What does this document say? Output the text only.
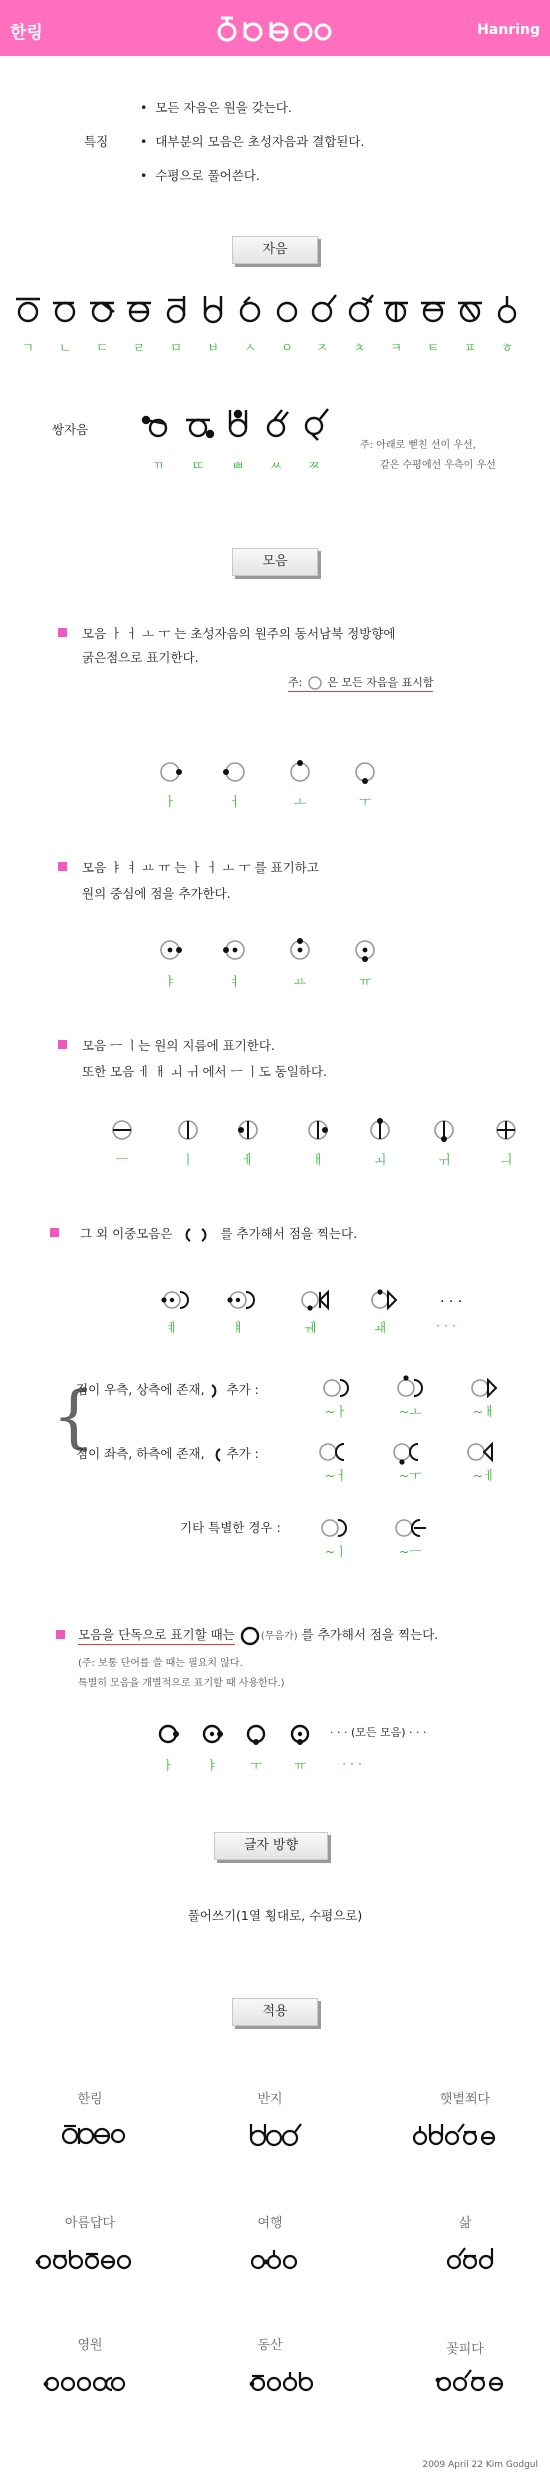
한링	Hanring
특징
•  모든 자음은 원을 갖는다.
•  대부분의 모음은 초성자음과 결합된다.
•  수평으로 풀어쓴다.
자음
ㄱ	ㄴ	ㄷ	ㄹ	ㅁ	ㅂ	ㅅ	ㅇ	ㅈ	ㅊ	ㅋ	ㅌ	ㅍ	ㅎ
쌍자음
ㄲ	ㄸ	ㅃ	ㅆ	ㅉ
주: 아래로 뻗친 선이 우선,
같은 수평에선 우측이 우선
모음
모음 ㅏ ㅓ ㅗ ㅜ 는 초성자음의 원주의 동서남북 정방향에
굵은점으로 표기한다.
주: 은 모든 자음을 표시함
ㅏ	ㅓ	ㅗ	ㅜ
모음 ㅑ ㅕ ㅛ ㅠ 는 ㅏ ㅓ ㅗ ㅜ 를 표기하고
원의 중심에 점을 추가한다.
ㅑ	ㅕ	ㅛ	ㅠ
모음 ㅡ ㅣ는 원의 지름에 표기한다.
또한 모음 ㅔ ㅐ ㅚ ㅟ 에서 ㅡ ㅣ도 동일하다.
ㅡ	ㅣ	ㅔ	ㅐ	ㅚ	ㅟ	ㅢ
그 외 이중모음은	를 추가해서 점을 찍는다.
· · ·
ㅖ	ㅒ	ㅞ	ㅙ	· · ·
{
점이 우측, 상측에 존재, 추가 :
~ㅏ	~ㅗ	~ㅐ
점이 좌측, 하측에 존재, 추가 :
~ㅓ	~ㅜ	~ㅔ
기타 특별한 경우 :
~ㅣ	~ㅡ
모음을 단독으로 표기할 때는	(무음가) 를 추가해서 점을 찍는다.
(주: 보통 단어를 쓸 때는 필요치 않다.
특별히 모음을 개별적으로 표기할 때 사용한다.)
· · · (모든 모음) · · ·
ㅏ	ㅑ	ㅜ	ㅠ	· · ·
글자 방향
풀어쓰기(1열 횡대로, 수평으로)
적용
한링	반지	햇볕쬐다
아름답다	여행	삶
영원	동산	꽃피다
2009 April 22 Kim Godgul
